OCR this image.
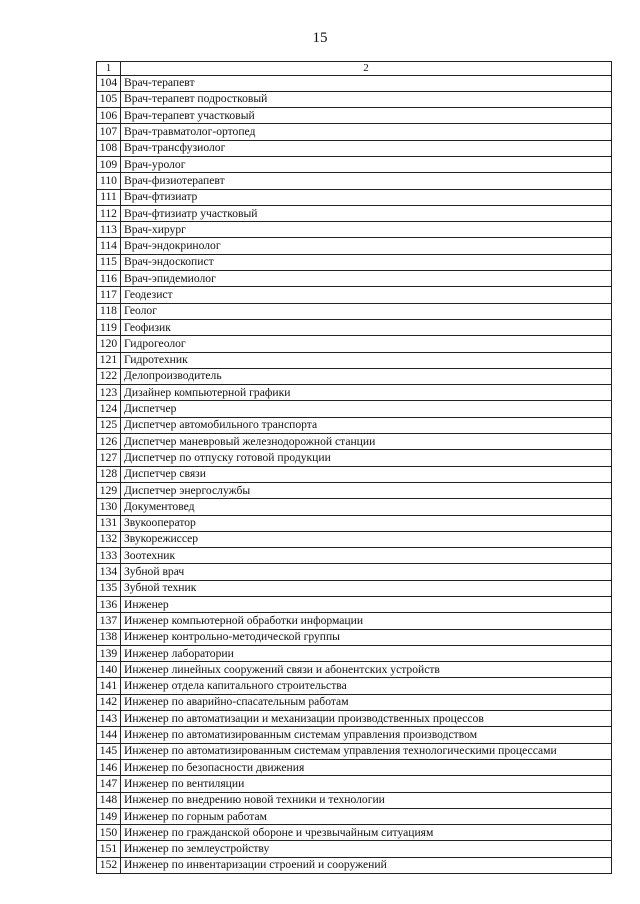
15
1	2
104	Врач-терапевт
105	Врач-терапевт подростковый
106	Врач-терапевт участковый
107	Врач-травматолог-ортопед
108	Врач-трансфузиолог
109	Врач-уролог
110	Врач-физиотерапевт
111	Врач-фтизиатр
112	Врач-фтизиатр участковый
113	Врач-хирург
114	Врач-эндокринолог
115	Врач-эндоскопист
116	Врач-эпидемиолог
117	Геодезист
118	Геолог
119	Геофизик
120	Гидрогеолог
121	Гидротехник
122	Делопроизводитель
123	Дизайнер компьютерной графики
124	Диспетчер
125	Диспетчер автомобильного транспорта
126	Диспетчер маневровый железнодорожной станции
127	Диспетчер по отпуску готовой продукции
128	Диспетчер связи
129	Диспетчер энергослужбы
130	Документовед
131	Звукооператор
132	Звукорежиссер
133	Зоотехник
134	Зубной врач
135	Зубной техник
136	Инженер
137	Инженер компьютерной обработки информации
138	Инженер контрольно-методической группы
139	Инженер лаборатории
140	Инженер линейных сооружений связи и абонентских устройств
141	Инженер отдела капитального строительства
142	Инженер по аварийно-спасательным работам
143	Инженер по автоматизации и механизации производственных процессов
144	Инженер по автоматизированным системам управления производством
145	Инженер по автоматизированным системам управления технологическими процессами
146	Инженер по безопасности движения
147	Инженер по вентиляции
148	Инженер по внедрению новой техники и технологии
149	Инженер по горным работам
150	Инженер по гражданской обороне и чрезвычайным ситуациям
151	Инженер по землеустройству
152	Инженер по инвентаризации строений и сооружений
